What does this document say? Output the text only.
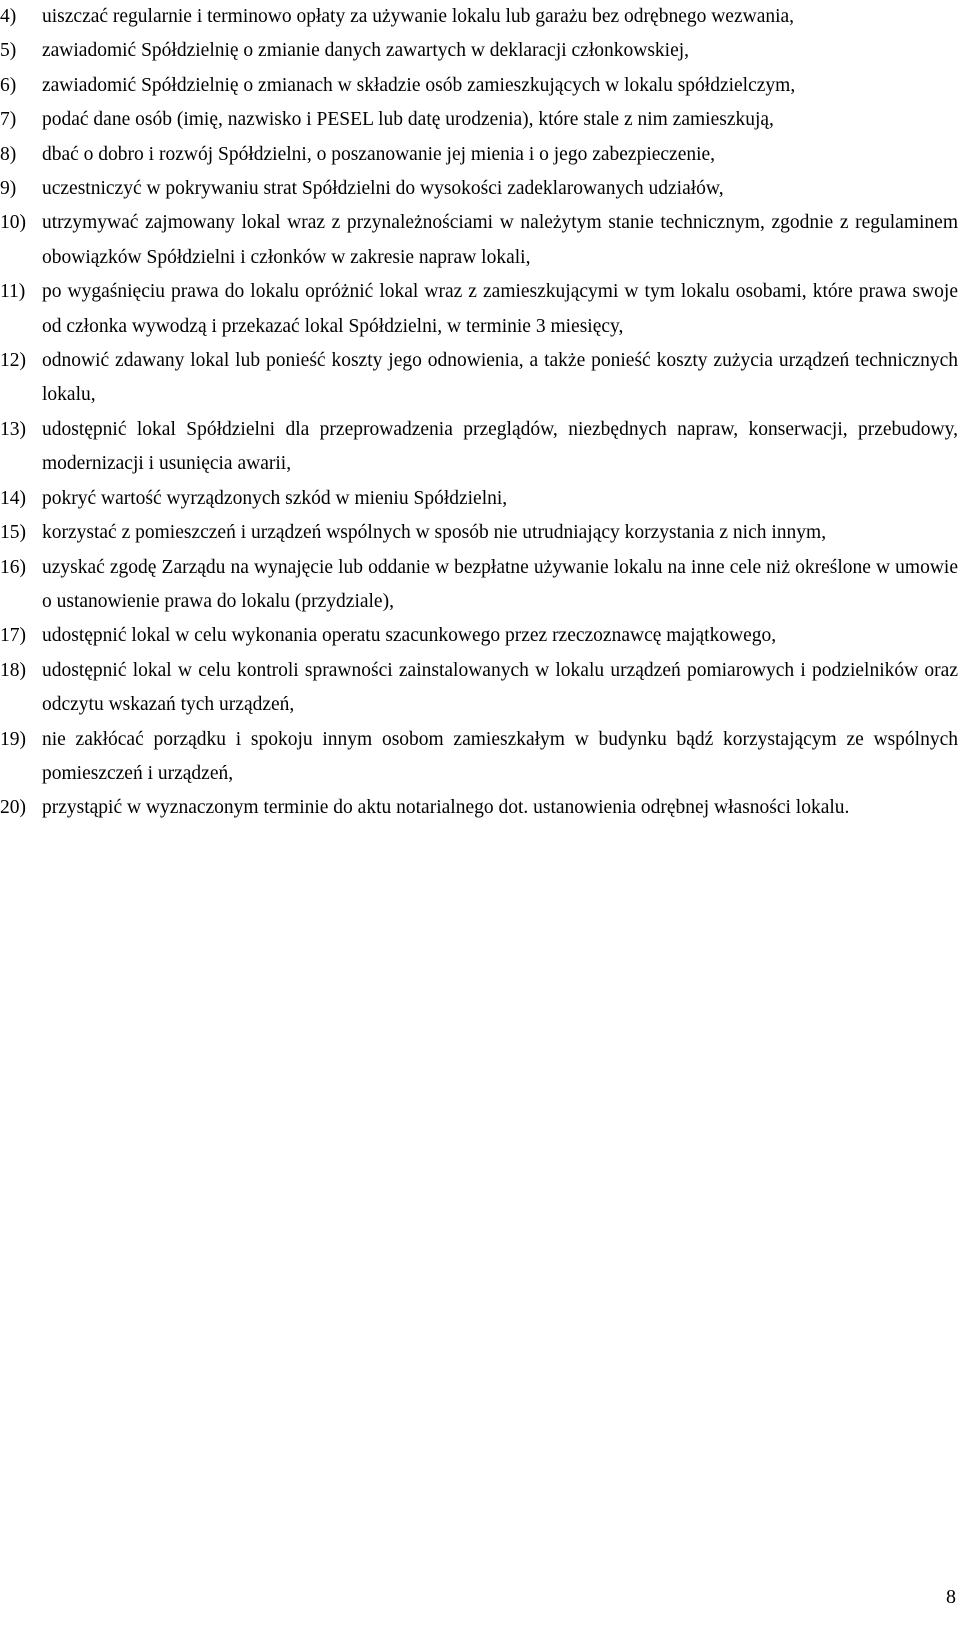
4) uiszczać regularnie i terminowo opłaty za używanie lokalu lub garażu bez odrębnego wezwania,
5) zawiadomić Spółdzielnię o zmianie danych zawartych w deklaracji członkowskiej,
6) zawiadomić Spółdzielnię o zmianach w składzie osób zamieszkujących w lokalu spółdzielczym,
7) podać dane osób (imię, nazwisko i PESEL lub datę urodzenia), które stale z nim zamieszkują,
8) dbać o dobro i rozwój Spółdzielni, o poszanowanie jej mienia i o jego zabezpieczenie,
9) uczestniczyć w pokrywaniu strat Spółdzielni do wysokości zadeklarowanych udziałów,
10) utrzymywać zajmowany lokal wraz z przynależnościami w należytym stanie technicznym, zgodnie z regulaminem obowiązków Spółdzielni i członków w zakresie napraw lokali,
11) po wygaśnięciu prawa do lokalu opróżnić lokal wraz z zamieszkującymi w tym lokalu osobami, które prawa swoje od członka wywodzą i przekazać lokal Spółdzielni, w terminie 3 miesięcy,
12) odnowić zdawany lokal lub ponieść koszty jego odnowienia, a także ponieść koszty zużycia urządzeń technicznych lokalu,
13) udostępnić lokal Spółdzielni dla przeprowadzenia przeglądów, niezbędnych napraw, konserwacji, przebudowy, modernizacji i usunięcia awarii,
14) pokryć wartość wyrządzonych szkód w mieniu Spółdzielni,
15) korzystać z pomieszczeń i urządzeń wspólnych w sposób nie utrudniający korzystania z nich innym,
16) uzyskać zgodę Zarządu na wynajęcie lub oddanie w bezpłatne używanie lokalu na inne cele niż określone w umowie o ustanowienie prawa do lokalu (przydziale),
17) udostępnić lokal w celu wykonania operatu szacunkowego przez rzeczoznawcę majątkowego,
18) udostępnić lokal w celu kontroli sprawności zainstalowanych w lokalu urządzeń pomiarowych i podzielników oraz odczytu wskazań tych urządzeń,
19) nie zakłócać porządku i spokoju innym osobom zamieszkałym w budynku bądź korzystającym ze wspólnych pomieszczeń i urządzeń,
20) przystąpić w wyznaczonym terminie do aktu notarialnego dot. ustanowienia odrębnej własności lokalu.
8
